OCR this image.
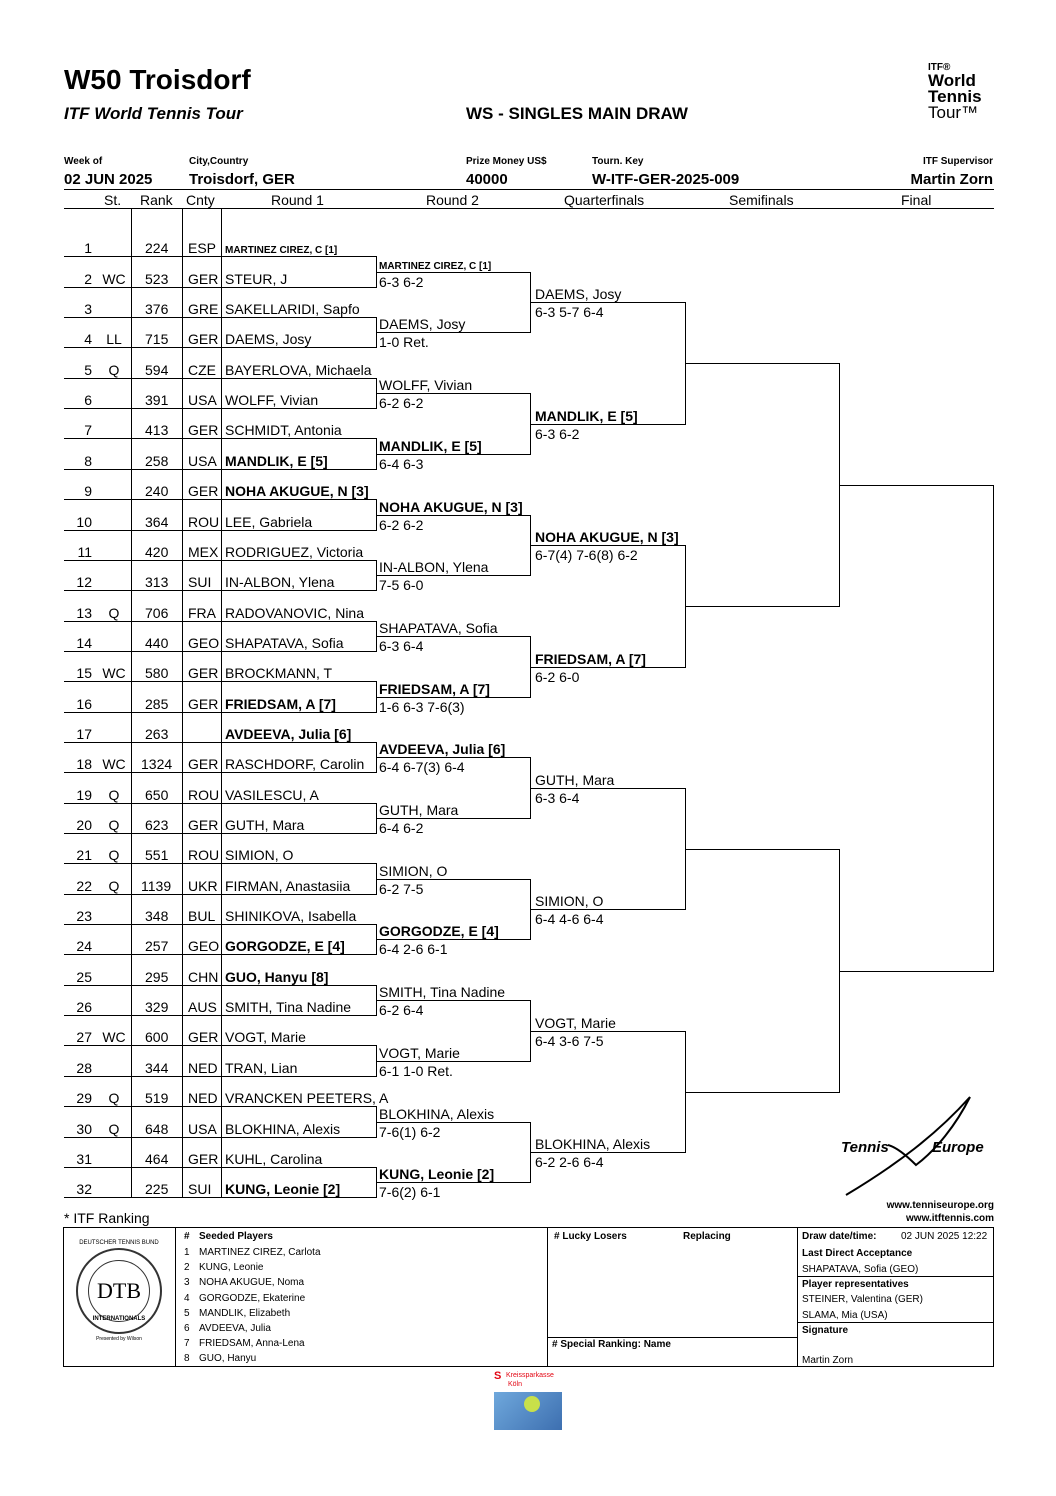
W50 Troisdorf
ITF World Tennis Tour	WS - SINGLES MAIN DRAW
ITF®
World
Tennis
Tour™
Week of
02 JUN 2025
City,Country
Troisdorf, GER
Prize Money US$
40000
Tourn. Key
W-ITF-GER-2025-009
ITF Supervisor
Martin Zorn
St. Rank Cnty	Round 1	Round 2	Quarterfinals	Semifinals	Final
1	224 ESP MARTINEZ CIREZ, C [1]
2 WC 523 GER STEUR, J
3	376 GRE SAKELLARIDI, Sapfo
4	LL	715 GER DAEMS, Josy
5	Q	594 CZE BAYERLOVA, Michaela
6	391 USA WOLFF, Vivian
7	413 GER SCHMIDT, Antonia
8	258 USA MANDLIK, E [5]
9	240 GER NOHA AKUGUE, N [3]
10	364 ROU LEE, Gabriela
11	420 MEX RODRIGUEZ, Victoria
12	313 SUI IN-ALBON, Ylena
13	Q	706 FRA RADOVANOVIC, Nina
14	440 GEO SHAPATAVA, Sofia
15 WC 580 GER BROCKMANN, T
16	285 GER FRIEDSAM, A [7]
17	263	AVDEEVA, Julia [6]
18 WC 1324 GER RASCHDORF, Carolin
19	Q	650 ROU VASILESCU, A
20	Q	623 GER GUTH, Mara
21	Q	551 ROU SIMION, O
22	Q	1139 UKR FIRMAN, Anastasiia
23	348 BUL SHINIKOVA, Isabella
24	257 GEO GORGODZE, E [4]
25	295 CHN GUO, Hanyu [8]
26	329 AUS SMITH, Tina Nadine
27 WC 600 GER VOGT, Marie
28	344 NED TRAN, Lian
29	Q	519 NED VRANCKEN PEETERS, A
30	Q	648 USA BLOKHINA, Alexis
31	464 GER KUHL, Carolina
32	225 SUI KUNG, Leonie [2]
MARTINEZ CIREZ, C [1]
6-3 6-2
DAEMS, Josy
1-0 Ret.
WOLFF, Vivian
6-2 6-2
MANDLIK, E [5]
6-4 6-3
NOHA AKUGUE, N [3]
6-2 6-2
IN-ALBON, Ylena
7-5 6-0
SHAPATAVA, Sofia
6-3 6-4
FRIEDSAM, A [7]
1-6 6-3 7-6(3)
AVDEEVA, Julia [6]
6-4 6-7(3) 6-4
GUTH, Mara
6-4 6-2
SIMION, O
6-2 7-5
GORGODZE, E [4]
6-4 2-6 6-1
SMITH, Tina Nadine
6-2 6-4
VOGT, Marie
6-1 1-0 Ret.
BLOKHINA, Alexis
7-6(1) 6-2
KUNG, Leonie [2]
7-6(2) 6-1
DAEMS, Josy
6-3 5-7 6-4
MANDLIK, E [5]
6-3 6-2
NOHA AKUGUE, N [3]
6-7(4) 7-6(8) 6-2
FRIEDSAM, A [7]
6-2 6-0
GUTH, Mara
6-3 6-4
SIMION, O
6-4 4-6 6-4
VOGT, Marie
6-4 3-6 7-5
BLOKHINA, Alexis
6-2 2-6 6-4
Tennis	Europe
www.tenniseurope.org
www.itftennis.com
* ITF Ranking
DTB
DEUTSCHER TENNIS BUND
INTERNATIONALS
Presented by Wilson
# Seeded Players
1 MARTINEZ CIREZ, Carlota
2 KUNG, Leonie
3 NOHA AKUGUE, Noma
4 GORGODZE, Ekaterine
5 MANDLIK, Elizabeth
6 AVDEEVA, Julia
7 FRIEDSAM, Anna-Lena
8 GUO, Hanyu
# Lucky Losers	Replacing
# Special Ranking: Name
Draw date/time: 02 JUN 2025 12:22
Last Direct Acceptance
SHAPATAVA, Sofia (GEO)
Player representatives
STEINER, Valentina (GER)
SLAMA, Mia (USA)
Signature
Martin Zorn
S Kreissparkasse
Köln
